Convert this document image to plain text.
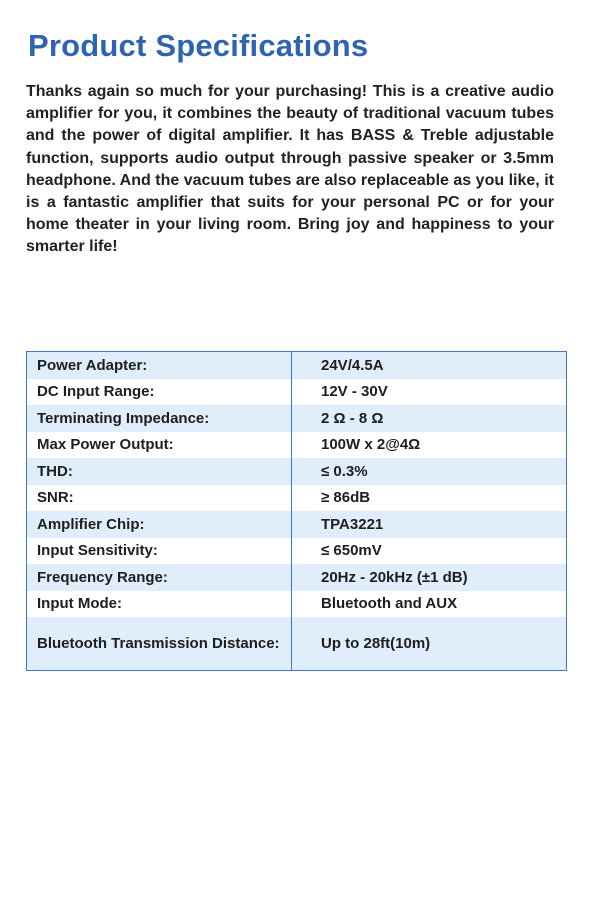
Product Specifications

Thanks again so much for your purchasing! This is a creative audio amplifier for you, it combines the beauty of traditional vacuum tubes and the power of digital amplifier. It has BASS & Treble adjustable function, supports audio output through passive speaker or 3.5mm headphone. And the vacuum tubes are also replaceable as you like, it is a fantastic amplifier that suits for your personal PC or for your home theater in your living room. Bring joy and happiness to your smarter life!

Power Adapter:	24V/4.5A
DC Input Range:	12V - 30V
Terminating Impedance:	2 Ω - 8 Ω
Max Power Output:	100W x 2@4Ω
THD:	≤ 0.3%
SNR:	≥ 86dB
Amplifier Chip:	TPA3221
Input Sensitivity:	≤ 650mV
Frequency Range:	20Hz - 20kHz (±1 dB)
Input Mode:	Bluetooth and AUX
Bluetooth Transmission Distance:	Up to 28ft(10m)
